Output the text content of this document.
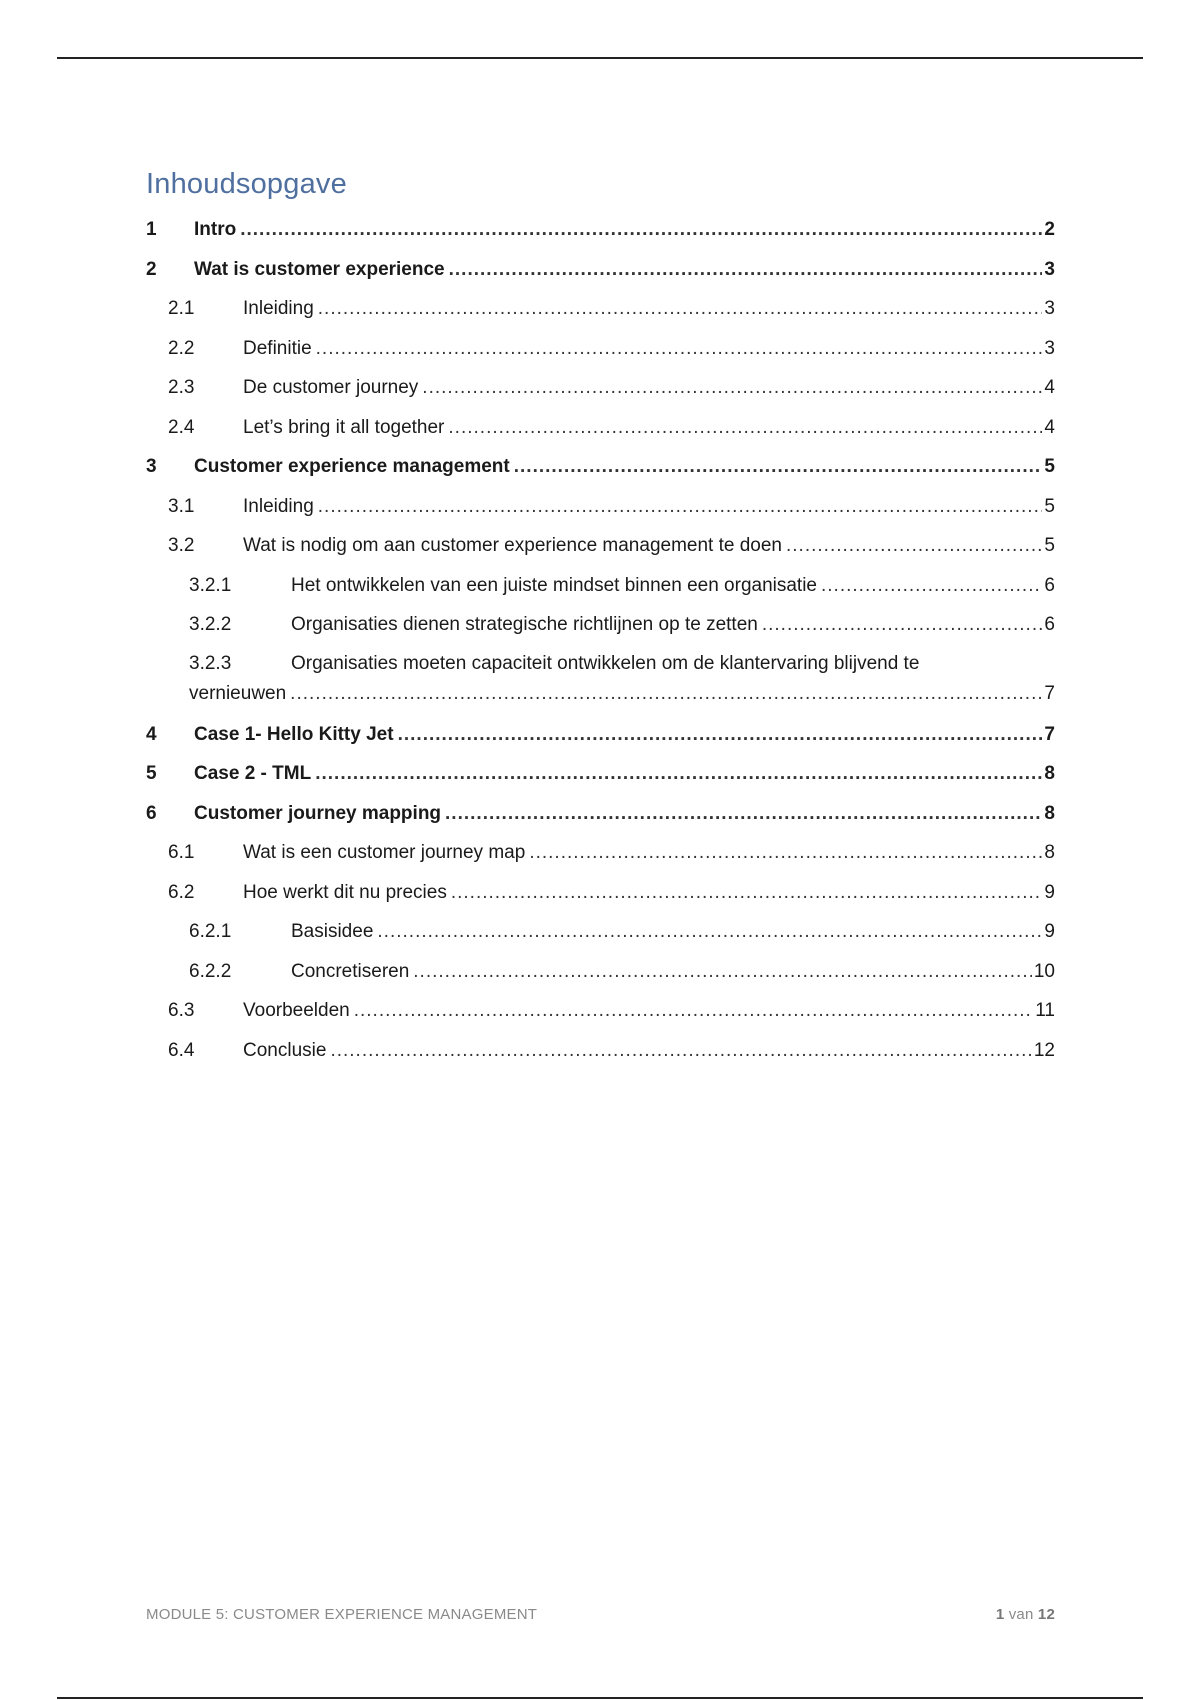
Inhoudsopgave
1	Intro .....	2
2	Wat is customer experience .....	3
2.1	Inleiding .....	3
2.2	Definitie .....	3
2.3	De customer journey .....	4
2.4	Let’s bring it all together .....	4
3	Customer experience management .....	5
3.1	Inleiding .....	5
3.2	Wat is nodig om aan customer experience management te doen .....	5
3.2.1	Het ontwikkelen van een juiste mindset binnen een organisatie .....	6
3.2.2	Organisaties dienen strategische richtlijnen op te zetten .....	6
3.2.3	Organisaties moeten capaciteit ontwikkelen om de klantervaring blijvend te
vernieuwen .....	7
4	Case 1- Hello Kitty Jet .....	7
5	Case 2 - TML .....	8
6	Customer journey mapping .....	8
6.1	Wat is een customer journey map .....	8
6.2	Hoe werkt dit nu precies .....	9
6.2.1	Basisidee .....	9
6.2.2	Concretiseren .....	10
6.3	Voorbeelden .....	11
6.4	Conclusie .....	12
MODULE 5: CUSTOMER EXPERIENCE MANAGEMENT	1 van 12
